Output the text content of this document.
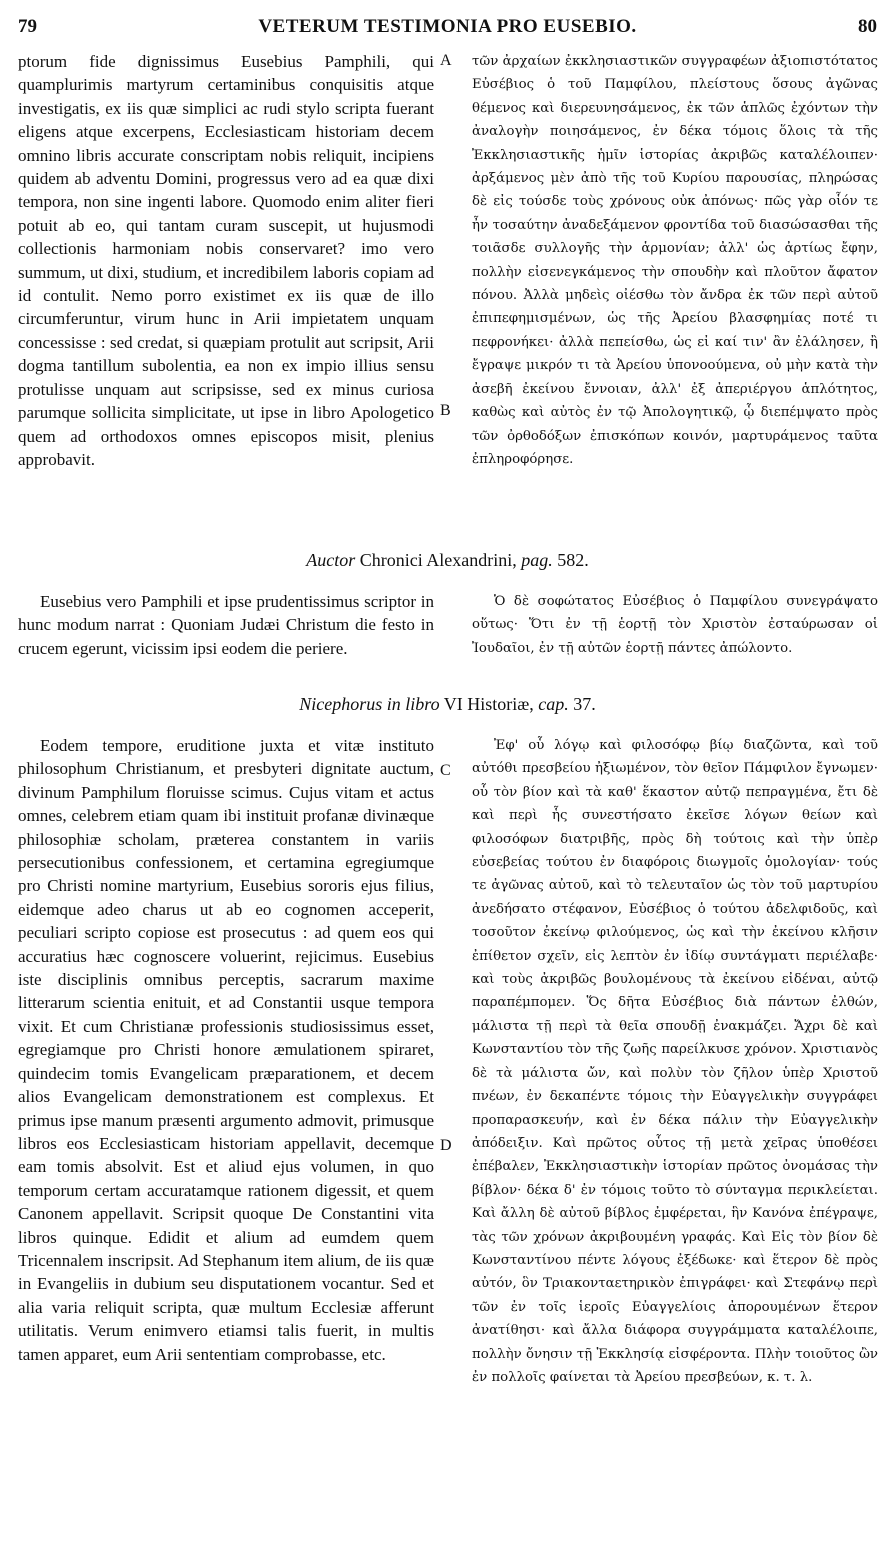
79	VETERUM TESTIMONIA PRO EUSEBIO.	80
ptorum fide dignissimus Eusebius Pamphili, qui quamplurimis martyrum certaminibus conquisitis atque investigatis, ex iis quæ simplici ac rudi stylo scripta fuerant eligens atque excerpens, Ecclesiasticam historiam decem omnino libris accurate conscriptam nobis reliquit, incipiens quidem ab adventu Domini, progressus vero ad ea quæ dixi tempora, non sine ingenti labore. Quomodo enim aliter fieri potuit ab eo, qui tantam curam suscepit, ut hujusmodi collectionis harmoniam nobis conservaret? imo vero summum, ut dixi, studium, et incredibilem laboris copiam ad id contulit. Nemo porro existimet ex iis quæ de illo circumferuntur, virum hunc in Arii impietatem unquam concessisse : sed credat, si quæpiam protulit aut scripsit, Arii dogma tantillum subolentia, ea non ex impio illius sensu protulisse unquam aut scripsisse, sed ex minus curiosa parumque sollicita simplicitate, ut ipse in libro Apologetico quem ad orthodoxos omnes episcopos misit, plenius approbavit.
A
B
τῶν ἀρχαίων ἐκκλησιαστικῶν συγγραφέων ἀξιοπιστότατος Εὐσέβιος ὁ τοῦ Παμφίλου, πλείστους ὅσους ἀγῶνας θέμενος καὶ διερευνησάμενος, ἐκ τῶν ἁπλῶς ἐχόντων τὴν ἀναλογὴν ποιησάμενος, ἐν δέκα τόμοις ὅλοις τὰ τῆς Ἐκκλησιαστικῆς ἡμῖν ἱστορίας ἀκριβῶς καταλέλοιπεν· ἀρξάμενος μὲν ἀπὸ τῆς τοῦ Κυρίου παρουσίας, πληρώσας δὲ εἰς τούσδε τοὺς χρόνους οὐκ ἀπόνως· πῶς γὰρ οἷόν τε ἦν τοσαύτην ἀναδεξάμενον φροντίδα τοῦ διασώσασθαι τῆς τοιᾶσδε συλλογῆς τὴν ἁρμονίαν; ἀλλ' ὡς ἀρτίως ἔφην, πολλὴν εἰσενεγκάμενος τὴν σπουδὴν καὶ πλοῦτον ἄφατον πόνου. Ἀλλὰ μηδεὶς οἰέσθω τὸν ἄνδρα ἐκ τῶν περὶ αὐτοῦ ἐπιπεφημισμένων, ὡς τῆς Ἀρείου βλασφημίας ποτέ τι πεφρονήκει· ἀλλὰ πεπείσθω, ὡς εἰ καί τιν' ἂν ἐλάλησεν, ἢ ἔγραψε μικρόν τι τὰ Ἀρείου ὑπονοούμενα, οὐ μὴν κατὰ τὴν ἀσεβῆ ἐκείνου ἔννοιαν, ἀλλ' ἐξ ἀπεριέργου ἁπλότητος, καθὼς καὶ αὐτὸς ἐν τῷ Ἀπολογητικῷ, ᾧ διεπέμψατο πρὸς τῶν ὀρθοδόξων ἐπισκόπων κοινόν, μαρτυράμενος ταῦτα ἐπληροφόρησε.
Auctor Chronici Alexandrini, pag. 582.
Eusebius vero Pamphili et ipse prudentissimus scriptor in hunc modum narrat : Quoniam Judæi Christum die festo in crucem egerunt, vicissim ipsi eodem die periere.
Ὁ δὲ σοφώτατος Εὐσέβιος ὁ Παμφίλου συνεγράψατο οὕτως· Ὅτι ἐν τῇ ἑορτῇ τὸν Χριστὸν ἐσταύρωσαν οἱ Ἰουδαῖοι, ἐν τῇ αὐτῶν ἑορτῇ πάντες ἀπώλοντο.
Nicephorus in libro VI Historiæ, cap. 37.
Eodem tempore, eruditione juxta et vitæ instituto philosophum Christianum, et presbyteri dignitate auctum, divinum Pamphilum floruisse scimus. Cujus vitam et actus omnes, celebrem etiam quam ibi instituit profanæ divinæque philosophiæ scholam, præterea constantem in variis persecutionibus confessionem, et certamina egregiumque pro Christi nomine martyrium, Eusebius sororis ejus filius, eidemque adeo charus ut ab eo cognomen acceperit, peculiari scripto copiose est prosecutus : ad quem eos qui accuratius hæc cognoscere voluerint, rejicimus. Eusebius iste disciplinis omnibus perceptis, sacrarum maxime litterarum scientia enituit, et ad Constantii usque tempora vixit. Et cum Christianæ professionis studiosissimus esset, egregiamque pro Christi honore æmulationem spiraret, quindecim tomis Evangelicam præparationem, et decem alios Evangelicam demonstrationem est complexus. Et primus ipse manum præsenti argumento admovit, primusque libros eos Ecclesiasticam historiam appellavit, decemque eam tomis absolvit. Est et aliud ejus volumen, in quo temporum certam accuratamque rationem digessit, et quem Canonem appellavit. Scripsit quoque De Constantini vita libros quinque. Edidit et alium ad eumdem quem Tricennalem inscripsit. Ad Stephanum item alium, de iis quæ in Evangeliis in dubium seu disputationem vocantur. Sed et alia varia reliquit scripta, quæ multum Ecclesiæ afferunt utilitatis. Verum enimvero etiamsi talis fuerit, in multis tamen apparet, eum Arii sententiam comprobasse, etc.
C
D
Ἐφ' οὗ λόγῳ καὶ φιλοσόφῳ βίῳ διαζῶντα, καὶ τοῦ αὐτόθι πρεσβείου ἠξιωμένον, τὸν θεῖον Πάμφιλον ἔγνωμεν· οὗ τὸν βίον καὶ τὰ καθ' ἕκαστον αὐτῷ πεπραγμένα, ἔτι δὲ καὶ περὶ ἧς συνεστήσατο ἐκεῖσε λόγων θείων καὶ φιλοσόφων διατριβῆς, πρὸς δὴ τούτοις καὶ τὴν ὑπὲρ εὐσεβείας τούτου ἐν διαφόροις διωγμοῖς ὁμολογίαν· τούς τε ἀγῶνας αὐτοῦ, καὶ τὸ τελευταῖον ὡς τὸν τοῦ μαρτυρίου ἀνεδήσατο στέφανον, Εὐσέβιος ὁ τούτου ἀδελφιδοῦς, καὶ τοσοῦτον ἐκείνῳ φιλούμενος, ὡς καὶ τὴν ἐκείνου κλῆσιν ἐπίθετον σχεῖν, εἰς λεπτὸν ἐν ἰδίῳ συντάγματι περιέλαβε· καὶ τοὺς ἀκριβῶς βουλομένους τὰ ἐκείνου εἰδέναι, αὐτῷ παραπέμπομεν. Ὅς δῆτα Εὐσέβιος διὰ πάντων ἐλθών, μάλιστα τῇ περὶ τὰ θεῖα σπουδῇ ἐνακμάζει. Ἄχρι δὲ καὶ Κωνσταντίου τὸν τῆς ζωῆς παρείλκυσε χρόνον. Χριστιανὸς δὲ τὰ μάλιστα ὤν, καὶ πολὺν τὸν ζῆλον ὑπὲρ Χριστοῦ πνέων, ἐν δεκαπέντε τόμοις τὴν Εὐαγγελικὴν συγγράφει προπαρασκευήν, καὶ ἐν δέκα πάλιν τὴν Εὐαγγελικὴν ἀπόδειξιν. Καὶ πρῶτος οὗτος τῇ μετὰ χεῖρας ὑποθέσει ἐπέβαλεν, Ἐκκλησιαστικὴν ἱστορίαν πρῶτος ὀνομάσας τὴν βίβλον· δέκα δ' ἐν τόμοις τοῦτο τὸ σύνταγμα περικλείεται. Καὶ ἄλλη δὲ αὐτοῦ βίβλος ἐμφέρεται, ἣν Κανόνα ἐπέγραψε, τὰς τῶν χρόνων ἀκριβουμένη γραφάς. Καὶ Εἰς τὸν βίον δὲ Κωνσταντίνου πέντε λόγους ἐξέδωκε· καὶ ἕτερον δὲ πρὸς αὐτόν, ὃν Τριακονταετηρικὸν ἐπιγράφει· καὶ Στεφάνῳ περὶ τῶν ἐν τοῖς ἱεροῖς Εὐαγγελίοις ἀπορουμένων ἕτερον ἀνατίθησι· καὶ ἄλλα διάφορα συγγράμματα καταλέλοιπε, πολλὴν ὄνησιν τῇ Ἐκκλησίᾳ εἰσφέροντα. Πλὴν τοιοῦτος ὢν ἐν πολλοῖς φαίνεται τὰ Ἀρείου πρεσβεύων, κ. τ. λ.
